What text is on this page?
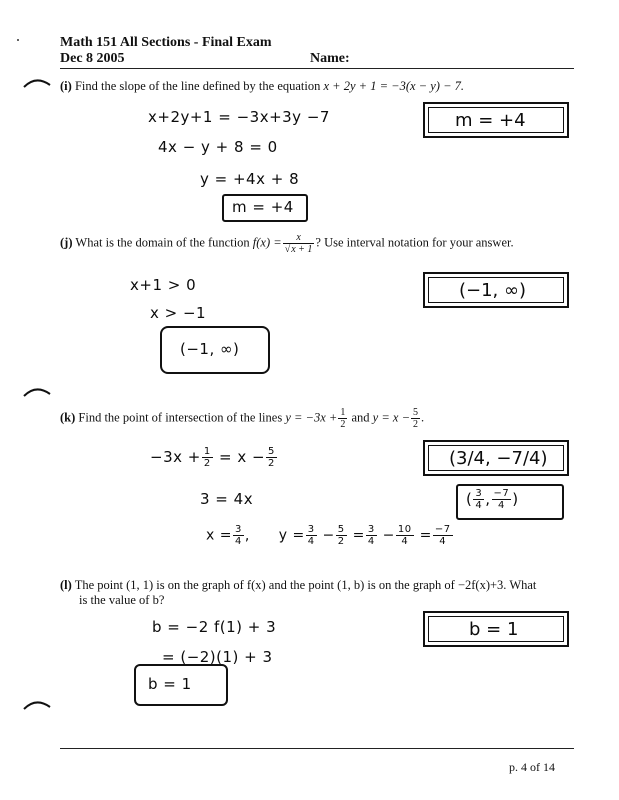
Math 151 All Sections - Final Exam
Dec 8 2005	Name:
(i) Find the slope of the line defined by the equation x + 2y + 1 = −3(x − y) − 7.
m = +4
x+2y+1 = −3x+3y −7
4x − y + 8 = 0
y = +4x + 8
m = +4
(j) What is the domain of the function $f(x) = \frac{x}{√x + 1}$ ? Use interval notation for your answer.
(−1, ∞)
x+1 > 0
x > −1
(−1, ∞)
(k) Find the point of intersection of the lines $y = -3x + \frac{1}{2}$ and $y = x - \frac{5}{2}$ .
(3/4, −7/4)
$-3x + \frac{1}{2} = x - \frac{5}{2}$
3 = 4x	( $\frac{3}{4}$ , $\frac{-7}{4}$ )
$x = \frac{3}{4}$ , $y = \frac{3}{4} - \frac{5}{2} = \frac{3}{4} - \frac{10}{4} = \frac{-7}{4}$
(l) The point (1, 1) is on the graph of f(x) and the point (1, b) is on the graph of −2f(x)+3. What
is the value of b?
b = 1
b = −2 f(1) + 3
= (−2)(1) + 3
b = 1
p. 4 of 14
